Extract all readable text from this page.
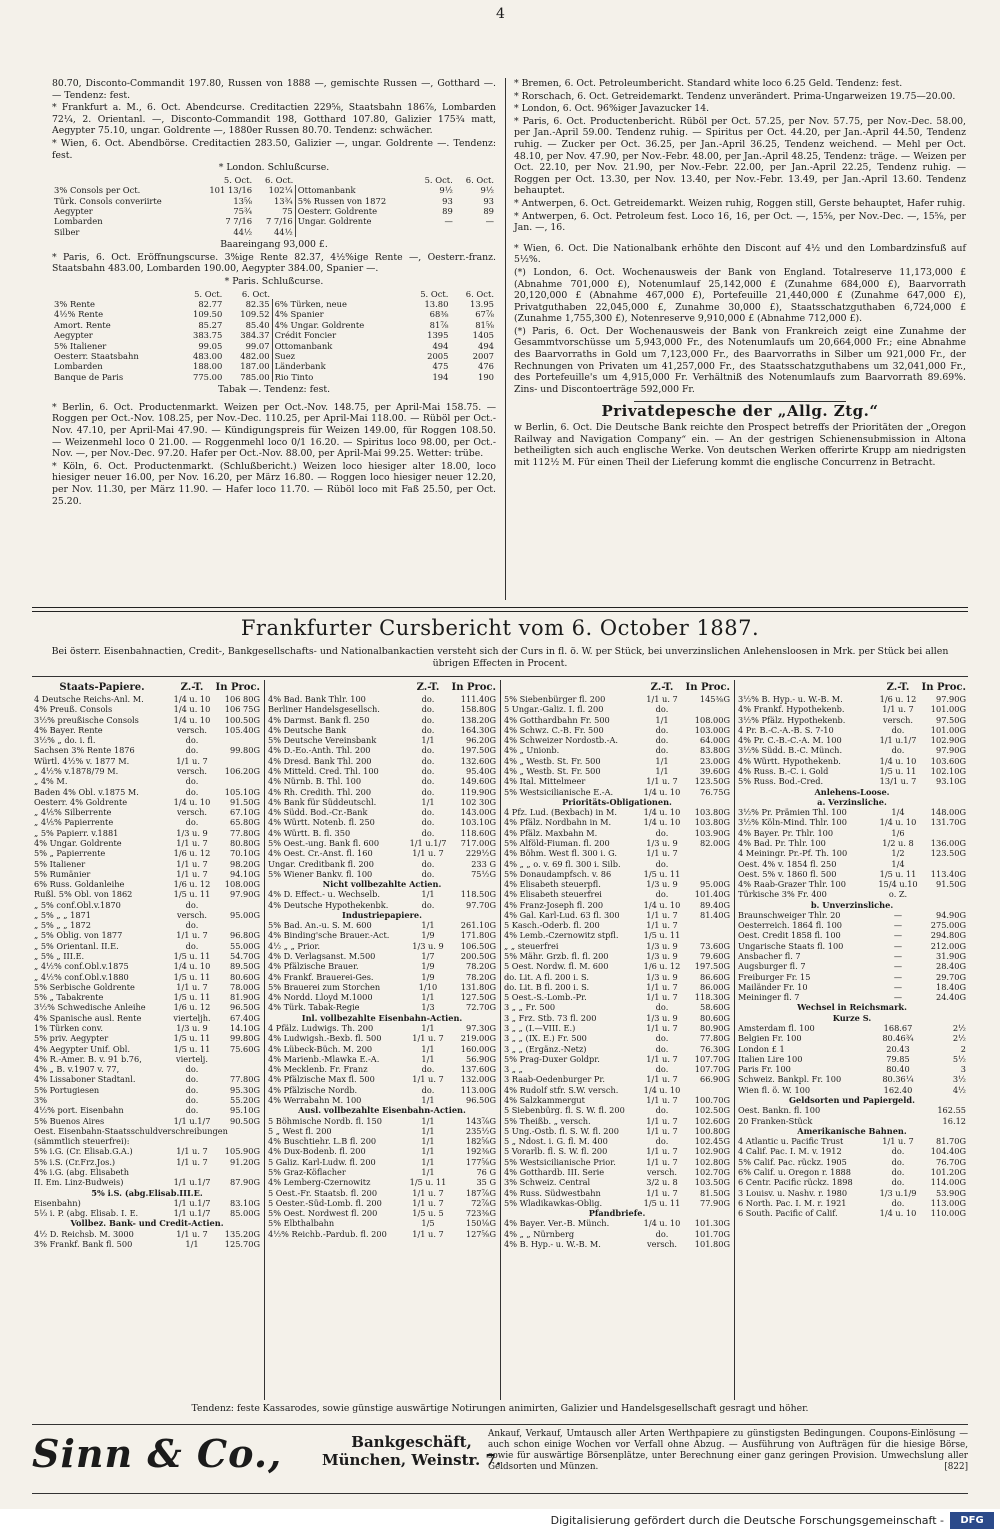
4

80.70, Disconto-Commandit 197.80, Russen von 1888 —, gemischte Russen —, Gotthard —. — Tendenz: fest.

* Frankfurt a. M., 6. Oct. Abendcurse. Creditactien 229⅝, Staatsbahn 186⅞, Lombarden 72¼, 2. Orientanl. —, Disconto-Commandit 198, Gotthard 107.80, Galizier 175¾ matt, Aegypter 75.10, ungar. Goldrente —, 1880er Russen 80.70. Tendenz: schwächer.

* Wien, 6. Oct. Abendbörse. Creditactien 283.50, Galizier —, ungar. Goldrente —. Tendenz: fest.

* London. Schlußcurse.

	5. Oct.	6. Oct.		5. Oct.	6. Oct.
3% Consols per Oct.	101 13/16	102¼	Ottomanbank	9½	9½
Türk. Consols converiirte	13⅝	13¾	5% Russen von 1872	93	93
Aegypter	75¾	75	Oesterr. Goldrente	89	89
Lombarden	7 7/16	7 7/16	Ungar. Goldrente	—	—
Silber	44½	44½			

Baareingang 93,000 £.

* Paris, 6. Oct. Eröffnungscurse. 3%ige Rente 82.37, 4½%ige Rente —, Oesterr.-franz. Staatsbahn 483.00, Lombarden 190.00, Aegypter 384.00, Spanier —.

* Paris. Schlußcurse.

	5. Oct.	6. Oct.		5. Oct.	6. Oct.
3% Rente	82.77	82.35	6% Türken, neue	13.80	13.95
4½% Rente	109.50	109.52	4% Spanier	68⅜	67⅞
Amort. Rente	85.27	85.40	4% Ungar. Goldrente	81⅞	81⅝
Aegypter	383.75	384.37	Crédit Foncier	1395	1405
5% Italiener	99.05	99.07	Ottomanbank	494	494
Oesterr. Staatsbahn	483.00	482.00	Suez	2005	2007
Lombarden	188.00	187.00	Länderbank	475	476
Banque de Paris	775.00	785.00	Rio Tinto	194	190

Tabak —. Tendenz: fest.

* Berlin, 6. Oct. Productenmarkt. Weizen per Oct.-Nov. 148.75, per April-Mai 158.75. — Roggen per Oct.-Nov. 108.25, per Nov.-Dec. 110.25, per April-Mai 118.00. — Rüböl per Oct.-Nov. 47.10, per April-Mai 47.90. — Kündigungspreis für Weizen 149.00, für Roggen 108.50. — Weizenmehl loco 0 21.00. — Roggenmehl loco 0/1 16.20. — Spiritus loco 98.00, per Oct.-Nov. —, per Nov.-Dec. 97.20. Hafer per Oct.-Nov. 88.00, per April-Mai 99.25. Wetter: trübe.

* Köln, 6. Oct. Productenmarkt. (Schlußbericht.) Weizen loco hiesiger alter 18.00, loco hiesiger neuer 16.00, per Nov. 16.20, per März 16.80. — Roggen loco hiesiger neuer 12.20, per Nov. 11.30, per März 11.90. — Hafer loco 11.70. — Rüböl loco mit Faß 25.50, per Oct. 25.20.

* Bremen, 6. Oct. Petroleumbericht. Standard white loco 6.25 Geld. Tendenz: fest.

* Rorschach, 6. Oct. Getreidemarkt. Tendenz unverändert. Prima-Ungarweizen 19.75—20.00.

* London, 6. Oct. 96%iger Javazucker 14.

* Paris, 6. Oct. Productenbericht. Rüböl per Oct. 57.25, per Nov. 57.75, per Nov.-Dec. 58.00, per Jan.-April 59.00. Tendenz ruhig. — Spiritus per Oct. 44.20, per Jan.-April 44.50, Tendenz ruhig. — Zucker per Oct. 36.25, per Jan.-April 36.25, Tendenz weichend. — Mehl per Oct. 48.10, per Nov. 47.90, per Nov.-Febr. 48.00, per Jan.-April 48.25, Tendenz: träge. — Weizen per Oct. 22.10, per Nov. 21.90, per Nov.-Febr. 22.00, per Jan.-April 22.25, Tendenz ruhig. — Roggen per Oct. 13.30, per Nov. 13.40, per Nov.-Febr. 13.49, per Jan.-April 13.60. Tendenz behauptet.

* Antwerpen, 6. Oct. Getreidemarkt. Weizen ruhig, Roggen still, Gerste behauptet, Hafer ruhig.

* Antwerpen, 6. Oct. Petroleum fest. Loco 16, 16, per Oct. —, 15⅝, per Nov.-Dec. —, 15⅝, per Jan. —, 16.

* Wien, 6. Oct. Die Nationalbank erhöhte den Discont auf 4½ und den Lombardzinsfuß auf 5½%.

(*) London, 6. Oct. Wochenausweis der Bank von England. Totalreserve 11,173,000 £ (Abnahme 701,000 £), Notenumlauf 25,142,000 £ (Zunahme 684,000 £), Baarvorrath 20,120,000 £ (Abnahme 467,000 £), Portefeuille 21,440,000 £ (Zunahme 647,000 £), Privatguthaben 22,045,000 £, Zunahme 30,000 £), Staatsschatzguthaben 6,724,000 £ (Zunahme 1,755,300 £), Notenreserve 9,910,000 £ (Abnahme 712,000 £).

(*) Paris, 6. Oct. Der Wochenausweis der Bank von Frankreich zeigt eine Zunahme der Gesammtvorschüsse um 5,943,000 Fr., des Notenumlaufs um 20,664,000 Fr.; eine Abnahme des Baarvorraths in Gold um 7,123,000 Fr., des Baarvorraths in Silber um 921,000 Fr., der Rechnungen von Privaten um 41,257,000 Fr., des Staatsschatzguthabens um 32,041,000 Fr., des Portefeuille's um 4,915,000 Fr. Verhältniß des Notenumlaufs zum Baarvorrath 89.69%. Zins- und Discontoerträge 592,000 Fr.

Privatdepesche der „Allg. Ztg.“

w Berlin, 6. Oct. Die Deutsche Bank reichte den Prospect betreffs der Prioritäten der „Oregon Railway and Navigation Company“ ein. — An der gestrigen Schienensubmission in Altona betheiligten sich auch englische Werke. Von deutschen Werken offerirte Krupp am niedrigsten mit 112½ M. Für einen Theil der Lieferung kommt die englische Concurrenz in Betracht.

Frankfurter Cursbericht vom 6. October 1887.
Bei österr. Eisenbahnactien, Credit-, Bankgesellschafts- und Nationalbankactien versteht sich der Curs in fl. ö. W. per Stück, bei unverzinslichen Anlehensloosen in Mrk. per Stück bei allen übrigen Effecten in Procent.
Staats-Papiere.	Z.-T.	In Proc.
4 Deutsche Reichs-Anl. M.	1/4 u. 10	106 80G
4% Preuß. Consols	1/4 u. 10	106 75G
3½% preußische Consols	1/4 u. 10	100.50G
4% Bayer. Rente	versch.	105.40G
3½% „ do. i. fl.	do.
Sachsen 3% Rente 1876	do.	99.80G
Würtl. 4½% v. 1877 M.	1/1 u. 7
„ 4½% v.1878/79 M.	versch.	106.20G
„ 4% M.	do.
Baden 4% Obl. v.1875 M.	do.	105.10G
Oesterr. 4% Goldrente	1/4 u. 10	91.50G
„ 4⅕% Silberrente	versch.	67.10G
„ 4⅕% Papierrente	do.	65.80G
„ 5% Papierr. v.1881	1/3 u. 9	77.80G
4% Ungar. Goldrente	1/1 u. 7	80.80G
5% „ Papierrente	1/6 u. 12	70.10G
5% Italiener	1/1 u. 7	98.20G
5% Rumänier	1/1 u. 7	94.10G
6% Russ. Goldanleihe	1/6 u. 12	108.00G
Rußl. 5% Obl. von 1862	1/5 u. 11	97.90G
„ 5% conf.Obl.v.1870	do.
„ 5% „ „ 1871	versch.	95.00G
„ 5% „ „ 1872	do.
„ 5% Oblig. von 1877	1/1 u. 7	96.80G
„ 5% Orientanl. II.E.	do.	55.00G
„ 5% „ III.E.	1/5 u. 11	54.70G
„ 4½% conf.Obl.v.1875	1/4 u. 10	89.50G
„ 4½% conf.Obl.v.1880	1/5 u. 11	80.60G
5% Serbische Goldrente	1/1 u. 7	78.00G
5% „ Tabakrente	1/5 u. 11	81.90G
3½% Schwedische Anleihe	1/6 u. 12	96.50G
4% Spanische ausl. Rente	vierteljh.	67.40G
1% Türken conv.	1/3 u. 9	14.10G
5% priv. Aegypter	1/5 u. 11	99.80G
4% Aegypter Unif. Obl.	1/5 u. 11	75.60G
4% R.-Amer. B. v. 91 b.76,	viertelj.
4% „ B. v.1907 v. 77,	do.
4% Lissaboner Stadtanl.	do.	77.80G
5% Portugiesen	do.	95.30G
3%	do.	55.20G
4½% port. Eisenbahn	do.	95.10G
5% Buenos Aires	1/1 u.1/7	90.50G
Oest. Eisenbahn-Staatsschuldverschreibungen
(sämmtlich steuerfrei):
5% i.G. (Cr. Elisab.G.A.)	1/1 u. 7	105.90G
5% i.S. (Cr.Frz.Jos.)	1/1 u. 7	91.20G
4% i.G. (abg. Elisabeth
II. Em. Linz-Budweis)	1/1 u.1/7	87.90G
5% i.S. (abg.Elisab.III.E.
Eisenbahn)	1/1 u.1/7	83.10G
5⅓ i. P. (abg. Elisab. I. E.	1/1 u.1/7	85.00G
Vollbez. Bank- und Credit-Actien.
4½ D. Reichsb. M. 3000	1/1 u. 7	135.20G
3% Frankf. Bank fl. 500	1/1	125.70G
Z.-T.	In Proc.
4% Bad. Bank Thlr. 100	do.	111.40G
Berliner Handelsgesellsch.	do.	158.80G
4% Darmst. Bank fl. 250	do.	138.20G
4% Deutsche Bank	do.	164.30G
5% Deutsche Vereinsbank	1/1	96.20G
4% D.-Eo.-Anth. Thl. 200	do.	197.50G
4% Dresd. Bank Thl. 200	do.	132.60G
4% Mitteld. Cred. Thl. 100	do.	95.40G
4% Nürnb. B. Thl. 100	do.	149.60G
4% Rh. Credith. Thl. 200	do.	119.90G
4% Bank für Süddeutschl.	1/1	102 30G
4% Südd. Bod.-Cr.-Bank	do.	143.00G
4% Württ. Notenb. fl. 250	do.	103.10G
4% Württ. B. fl. 350	do.	118.60G
5% Oest.-ung. Bank fl. 600	1/1 u.1/7	717.00G
4% Oest. Cr.-Anst. fl. 160	1/1 u. 7	229½G
Ungar. Creditbank fl. 200	do.	233 G
5% Wiener Bankv. fl. 100	do.	75½G
Nicht vollbezahlte Actien.
4% D. Effect.- u. Wechselb.	1/1	118.50G
4% Deutsche Hypothekenbk.	do.	97.70G
Industriepapiere.
5% Bad. An.-u. S. M. 600	1/1	261.10G
4% Binding'sche Brauer.-Act.	1/9	171.80G
4½ „ „ Prior.	1/3 u. 9	106.50G
4% D. Verlagsanst. M.500	1/7	200.50G
4% Pfälzische Brauer.	1/9	78.20G
4% Frankf. Brauerei-Ges.	1/9	78.20G
5% Brauerei zum Storchen	1/10	131.80G
4% Nordd. Lloyd M.1000	1/1	127.50G
4% Türk. Tabak-Regie	1/3	72.70G
Inl. vollbezahlte Eisenbahn-Actien.
4 Pfälz. Ludwigs. Th. 200	1/1	97.30G
4% Ludwigsh.-Bexb. fl. 500	1/1 u. 7	219.00G
4% Lübeck-Büch. M. 200	1/1	160.00G
4% Marienb.-Mlawka E.-A.	1/1	56.90G
4% Mecklenb. Fr. Franz	do.	137.60G
4% Pfälzische Max fl. 500	1/1 u. 7	132.00G
4% Pfälzische Nordb.	do.	113.00G
4% Werrabahn M. 100	1/1	96.50G
Ausl. vollbezahlte Eisenbahn-Actien.
5 Böhmische Nordb. fl. 150	1/1	143⅞G
5 „ West fl. 200	1/1	235½G
4% Buschtiehr. L.B fl. 200	1/1	182⅝G
4% Dux-Bodenb. fl. 200	1/1	192⅜G
5 Galiz. Karl-Ludw. fl. 200	1/1	177⅝G
5% Graz-Köflacher	1/1	76 G
4% Lemberg-Czernowitz	1/5 u. 11	35 G
5 Oest.-Fr. Staatsb. fl. 200	1/1 u. 7	187⅞G
5 Oester.-Süd-Lomb. fl. 200	1/1 u. 7	72⅞G
5% Oest. Nordwest fl. 200	1/5 u. 5	723⅜G
5% Elbthalbahn	1/5	150⅛G
4½% Reichb.-Pardub. fl. 200	1/1 u. 7	127⅝G
Z.-T.	In Proc.
5% Siebenbürger fl. 200	1/1 u. 7	145⅜G
5 Ungar.-Galiz. I. fl. 200	do.
4% Gotthardbahn Fr. 500	1/1	108.00G
4% Schwz. C.-B. Fr. 500	do.	103.00G
4% Schweizer Nordostb.-A.	do.	64.00G
4% „ Unionb.	do.	83.80G
4% „ Westb. St. Fr. 500	1/1	23.00G
4% „ Westb. St. Fr. 500	1/1	39.60G
4% Ital. Mittelmeer	1/1 u. 7	123.50G
5% Westsicilianische E.-A.	1/4 u. 10	76.75G
Prioritäts-Obligationen.
4 Pfz. Lud. (Bexbach) in M.	1/4 u. 10	103.80G
4% Pfälz. Nordbahn in M.	1/4 u. 10	103.80G
4% Pfälz. Maxbahn M.	do.	103.90G
5% Alföld-Fiuman. fl. 200	1/3 u. 9	82.00G
4% Böhm. West fl. 300 i. G.	1/1 u. 7
4% „ „ o. v. 69 fl. 300 i. Silb.	do.
5% Donaudampfsch. v. 86	1/5 u. 11
4% Elisabeth steuerpfl.	1/3 u. 9	95.00G
4% Elisabeth steuerfrei	do.	101.40G
4% Franz-Joseph fl. 200	1/4 u. 10	89.40G
4% Gal. Karl-Lud. 63 fl. 300	1/1 u. 7	81.40G
5 Kasch.-Oderb. fl. 200	1/1 u. 7
4% Lemb.-Czernowitz stpfl.	1/5 u. 11
„ „ steuerfrei	1/3 u. 9	73.60G
5% Mähr. Grzb. fl. fl. 200	1/3 u. 9	79.60G
5 Oest. Nordw. fl. M. 600	1/6 u. 12	197.50G
do. Lit. A fl. 200 i. S.	1/3 u. 9	86.60G
do. Lit. B fl. 200 i. S.	1/1 u. 7	86.00G
5 Oest.-S.-Lomb.-Pr.	1/1 u. 7	118.30G
3 „ „ Fr. 500	do.	58.60G
3 „ Frz. Stb. 73 fl. 200	1/3 u. 9	80.60G
3 „ „ (I.—VIII. E.)	1/1 u. 7	80.90G
3 „ „ (IX. E.) Fr. 500	do.	77.80G
3 „ „ (Ergänz.-Netz)	do.	76.30G
5% Prag-Duxer Goldpr.	1/1 u. 7	107.70G
3 „ „	do.	107.70G
3 Raab-Oedenburger Pr.	1/1 u. 7	66.90G
4% Rudolf stfr. S.W. versch.	1/4 u. 10
4% Salzkammergut	1/1 u. 7	100.70G
5 Siebenbürg. fl. S. W. fl. 200	do.	102.50G
5% Theißb. „ versch.	1/1 u. 7	102.60G
5 Ung.-Ostb. fl. S. W. fl. 200	1/1 u. 7	100.80G
5 „ Ndost. i. G. fl. M. 400	do.	102.45G
5 Vorarlb. fl. S. W. fl. 200	1/1 u. 7	102.90G
5% Westsicilianische Prior.	1/1 u. 7	102.80G
4% Gotthardb. III. Serie	versch.	102.70G
3% Schweiz. Central	3/2 u. 8	103.50G
4% Russ. Südwestbahn	1/1 u. 7	81.50G
5% Wladikawkas-Oblig.	1/5 u. 11	77.90G
Pfandbriefe.
4% Bayer. Ver.-B. Münch.	1/4 u. 10	101.30G
4% „ „ Nürnberg	do.	101.70G
4% B. Hyp.- u. W.-B. M.	versch.	101.80G
Z.-T.	In Proc.
3½% B. Hyp.- u. W.-B. M.	1/6 u. 12	97.90G
4% Frankf. Hypothekenb.	1/1 u. 7	101.00G
3½% Pfälz. Hypothekenb.	versch.	97.50G
4 Pr. B.-C.-A.-B. S. 7-10	do.	101.00G
4% Pr. C.-B.-C.-A. M. 100	1/1 u.1/7	102.90G
3½% Südd. B.-C. Münch.	do.	97.90G
4% Württ. Hypothekenb.	1/4 u. 10	103.60G
4% Russ. B.-C. i. Gold	1/5 u. 11	102.10G
5% Russ. Bod.-Cred.	13/1 u. 7	93.10G
Anlehens-Loose.
a. Verzinsliche.
3½% Pr. Prämien Thl. 100	1/4	148.00G
3½% Köln-Mind. Thlr. 100	1/4 u. 10	131.70G
4% Bayer. Pr. Thlr. 100	1/6
4% Bad. Pr. Thlr. 100	1/2 u. 8	136.00G
4 Meiningr. Pr.-Pf. Th. 100	1/2	123.50G
Oest. 4% v. 1854 fl. 250	1/4
Oest. 5% v. 1860 fl. 500	1/5 u. 11	113.40G
4% Raab-Grazer Thlr. 100	15/4 u.10	91.50G
Türkische 3% Fr. 400	o. Z.
b. Unverzinsliche.
Braunschweiger Thlr. 20	—	94.90G
Oesterreich. 1864 fl. 100	—	275.00G
Oest. Credit 1858 fl. 100	—	294.80G
Ungarische Staats fl. 100	—	212.00G
Ansbacher fl. 7	—	31.90G
Augsburger fl. 7	—	28.40G
Freiburger Fr. 15	—	29.70G
Mailänder Fr. 10	—	18.40G
Meininger fl. 7	—	24.40G
Wechsel in Reichsmark.
Kurze S.
Amsterdam fl. 100	168.67	2½
Belgien Fr. 100	80.46¾	2½
London £ 1	20.43	2
Italien Lire 100	79.85	5½
Paris Fr. 100	80.40	3
Schweiz. Bankpl. Fr. 100	80.36¼	3½
Wien fl. ö. W. 100	162.40	4½
Geldsorten und Papiergeld.
Oest. Bankn. fl. 100	162.55
20 Franken-Stück	16.12
Amerikanische Bahnen.
4 Atlantic u. Pacific Trust	1/1 u. 7	81.70G
4 Calif. Pac. I. M. v. 1912	do.	104.40G
5% Calif. Pac. rückz. 1905	do.	76.70G
6% Calif. u. Oregon r. 1888	do.	101.20G
6 Centr. Pacific rückz. 1898	do.	114.00G
3 Louisv. u. Nashv. r. 1980	1/3 u.1/9	53.90G
6 North. Pac. I. M. r. 1921	do.	113.00G
6 South. Pacific of Calif.	1/4 u. 10	110.00G
Tendenz: feste Kassarodes, sowie günstige auswärtige Notirungen animirten, Galizier und Handelsgesellschaft gesragt und höher.
Sinn & Co.,	Bankgeschäft,
München, Weinstr. 7.
Ankauf, Verkauf, Umtausch aller Arten Werthpapiere zu günstigsten Bedingungen. Coupons-Einlösung — auch schon einige Wochen vor Verfall ohne Abzug. — Ausführung von Aufträgen für die hiesige Börse, sowie für auswärtige Börsenplätze, unter Berechnung einer ganz geringen Provision. Umwechslung aller Geldsorten und Münzen.	[822]
Digitalisierung gefördert durch die Deutsche Forschungsgemeinschaft -	DFG
